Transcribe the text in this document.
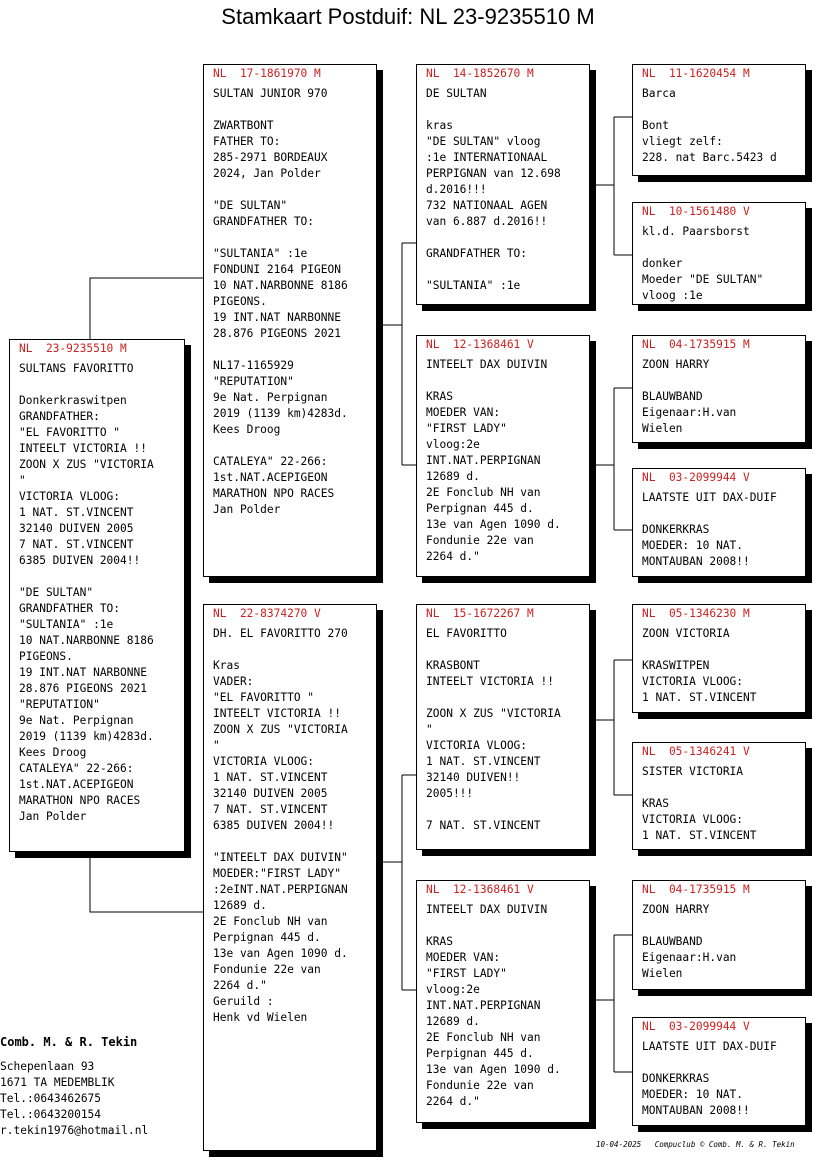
Stamkaart Postduif: NL 23-9235510 M
NL  23-9235510 M
SULTANS FAVORITTO

Donkerkraswitpen
GRANDFATHER:
"EL FAVORITTO "
INTEELT VICTORIA !!
ZOON X ZUS "VICTORIA
"
VICTORIA VLOOG:
1 NAT. ST.VINCENT
32140 DUIVEN 2005
7 NAT. ST.VINCENT
6385 DUIVEN 2004!!

"DE SULTAN"
GRANDFATHER TO:
"SULTANIA" :1e
10 NAT.NARBONNE 8186
PIGEONS.
19 INT.NAT NARBONNE
28.876 PIGEONS 2021
"REPUTATION"
9e Nat. Perpignan
2019 (1139 km)4283d.
Kees Droog
CATALEYA" 22-266:
1st.NAT.ACEPIGEON
MARATHON NPO RACES
Jan Polder
NL  17-1861970 M
SULTAN JUNIOR 970

ZWARTBONT
FATHER TO:
285-2971 BORDEAUX
2024, Jan Polder

"DE SULTAN"
GRANDFATHER TO:

"SULTANIA" :1e
FONDUNI 2164 PIGEON
10 NAT.NARBONNE 8186
PIGEONS.
19 INT.NAT NARBONNE
28.876 PIGEONS 2021

NL17-1165929
"REPUTATION"
9e Nat. Perpignan
2019 (1139 km)4283d.
Kees Droog

CATALEYA" 22-266:
1st.NAT.ACEPIGEON
MARATHON NPO RACES
Jan Polder
NL  22-8374270 V
DH. EL FAVORITTO 270

Kras
VADER:
"EL FAVORITTO "
INTEELT VICTORIA !!
ZOON X ZUS "VICTORIA
"
VICTORIA VLOOG:
1 NAT. ST.VINCENT
32140 DUIVEN 2005
7 NAT. ST.VINCENT
6385 DUIVEN 2004!!

"INTEELT DAX DUIVIN"
MOEDER:"FIRST LADY"
:2eINT.NAT.PERPIGNAN
12689 d.
2E Fonclub NH van
Perpignan 445 d.
13e van Agen 1090 d.
Fondunie 22e van
2264 d."
Geruild :
Henk vd Wielen
NL  14-1852670 M
DE SULTAN

kras
"DE SULTAN" vloog
:1e INTERNATIONAAL
PERPIGNAN van 12.698
d.2016!!!
732 NATIONAAL AGEN
van 6.887 d.2016!!

GRANDFATHER TO:

"SULTANIA" :1e
NL  12-1368461 V
INTEELT DAX DUIVIN

KRAS
MOEDER VAN:
"FIRST LADY"
vloog:2e
INT.NAT.PERPIGNAN
12689 d.
2E Fonclub NH van
Perpignan 445 d.
13e van Agen 1090 d.
Fondunie 22e van
2264 d."
NL  15-1672267 M
EL FAVORITTO

KRASBONT
INTEELT VICTORIA !!

ZOON X ZUS "VICTORIA
"
VICTORIA VLOOG:
1 NAT. ST.VINCENT
32140 DUIVEN!!
2005!!!

7 NAT. ST.VINCENT
NL  12-1368461 V
INTEELT DAX DUIVIN

KRAS
MOEDER VAN:
"FIRST LADY"
vloog:2e
INT.NAT.PERPIGNAN
12689 d.
2E Fonclub NH van
Perpignan 445 d.
13e van Agen 1090 d.
Fondunie 22e van
2264 d."
NL  11-1620454 M
Barca

Bont
vliegt zelf:
228. nat Barc.5423 d
NL  10-1561480 V
kl.d. Paarsborst

donker
Moeder "DE SULTAN"
vloog :1e
NL  04-1735915 M
ZOON HARRY

BLAUWBAND
Eigenaar:H.van
Wielen
NL  03-2099944 V
LAATSTE UIT DAX-DUIF

DONKERKRAS
MOEDER: 10 NAT.
MONTAUBAN 2008!!
NL  05-1346230 M
ZOON VICTORIA

KRASWITPEN
VICTORIA VLOOG:
1 NAT. ST.VINCENT
NL  05-1346241 V
SISTER VICTORIA

KRAS
VICTORIA VLOOG:
1 NAT. ST.VINCENT
NL  04-1735915 M
ZOON HARRY

BLAUWBAND
Eigenaar:H.van
Wielen
NL  03-2099944 V
LAATSTE UIT DAX-DUIF

DONKERKRAS
MOEDER: 10 NAT.
MONTAUBAN 2008!!
Comb. M. & R. Tekin
Schepenlaan 93
1671 TA MEDEMBLIK
Tel.:0643462675
Tel.:0643200154
r.tekin1976@hotmail.nl
10-04-2025   Compuclub © Comb. M. & R. Tekin
